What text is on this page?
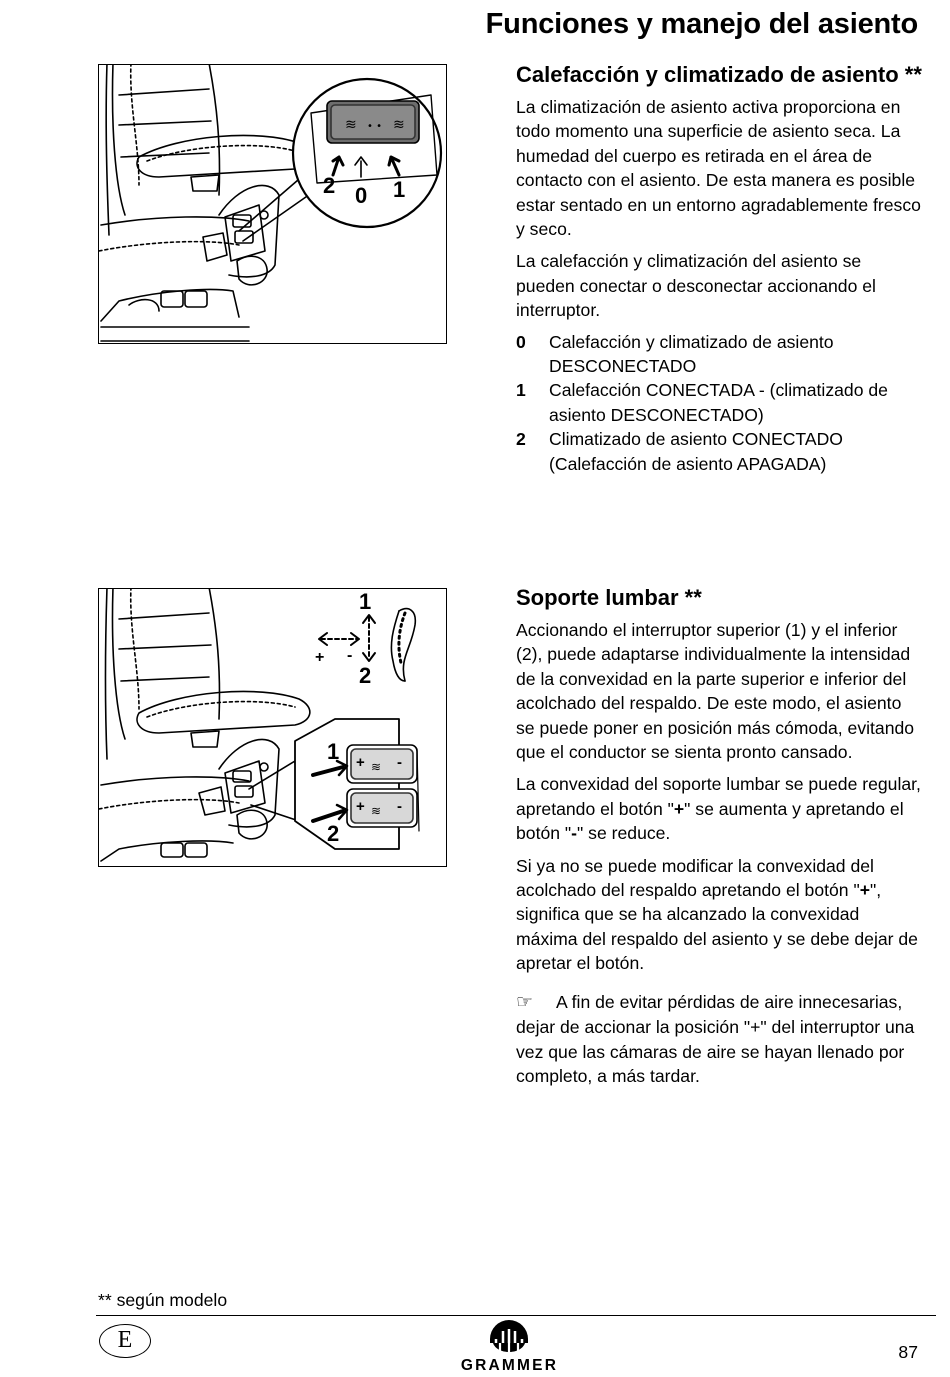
Funciones y manejo del asiento
≋ • • ≋
2 0 1
Calefacción y climatizado de asiento **

La climatización de asiento activa proporciona en todo momento una superficie de asiento seca. La humedad del cuerpo es retirada en el área de contacto con el asiento. De esta manera es posible estar sentado en un entorno agradablemente fresco y seco.

La calefacción y climatización del asiento se pueden conectar o desconectar accionando el interruptor.

0 Calefacción y climatizado de asiento DESCONECTADO
1 Calefacción CONECTADA - (climatizado de asiento DESCONECTADO)
2 Climatizado de asiento CONECTADO (Calefacción de asiento APAGADA)
≋
≋
1
2
+ -
1
2
+ -
+ -
Soporte lumbar **

Accionando el interruptor superior (1) y el inferior (2), puede adaptarse individualmente la intensidad de la convexidad en la parte superior e inferior del acolchado del respaldo. De este modo, el asiento se puede poner en posición más cómoda, evitando que el conductor se sienta pronto cansado.

La convexidad del soporte lumbar se puede regular, apretando el botón "+" se aumenta y apretando el botón "-" se reduce.

Si ya no se puede modificar la convexidad del acolchado del respaldo apretando el botón "+", significa que se ha alcanzado la convexidad máxima del respaldo del asiento y se debe dejar de apretar el botón.

☞ A fin de evitar pérdidas de aire innecesarias, dejar de accionar la posición "+" del interruptor una vez que las cámaras de aire se hayan llenado por completo, a más tardar.
** según modelo
E
GRAMMER
87
